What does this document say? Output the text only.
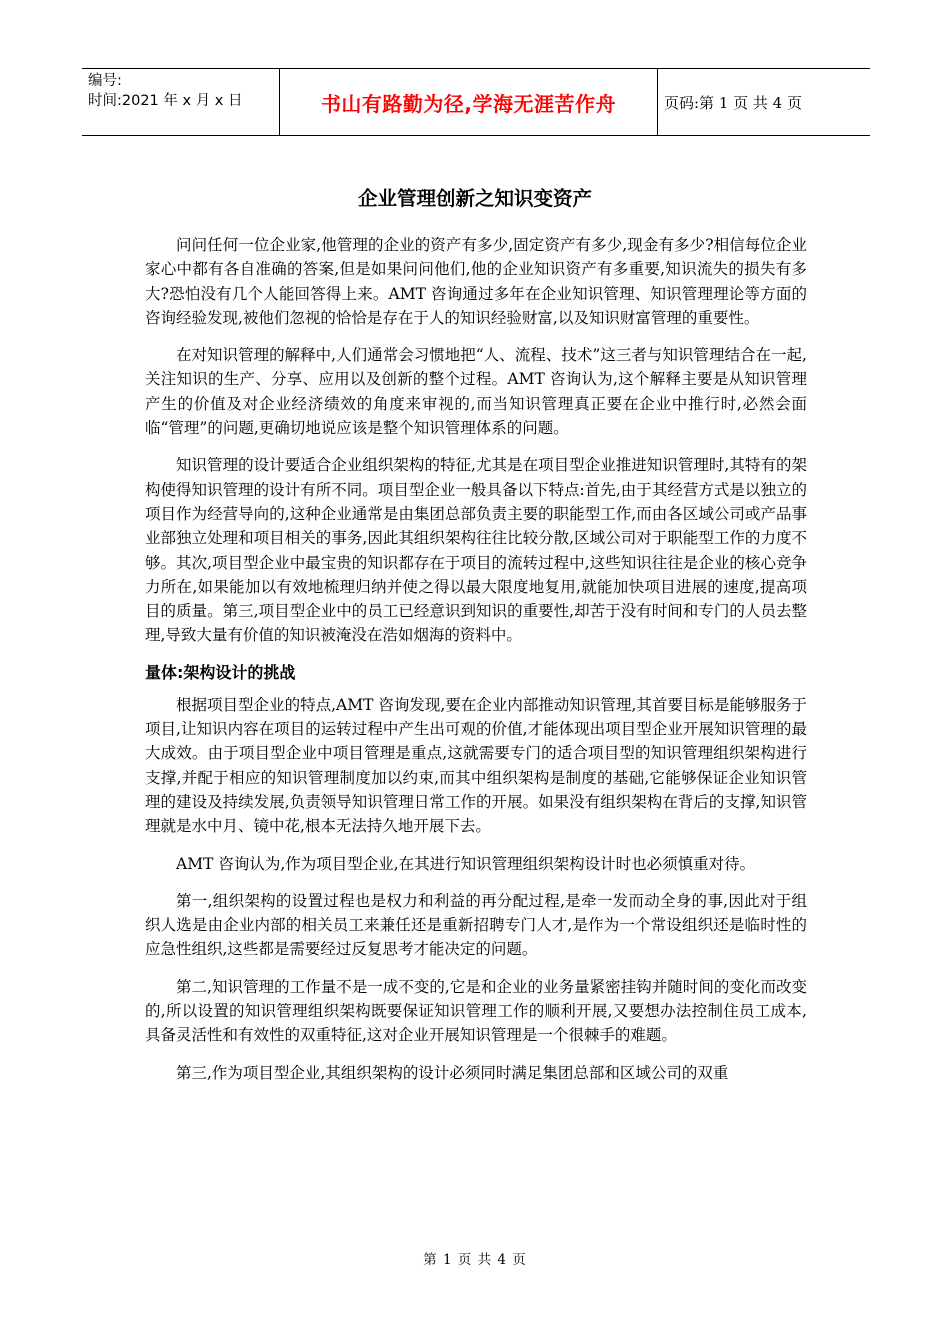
编号:
时间:2021 年 x 月 x 日	书山有路勤为径,学海无涯苦作舟	页码:第 1 页 共 4 页
企业管理创新之知识变资产

问问任何一位企业家,他管理的企业的资产有多少,固定资产有多少,现金有多少?相信每位企业家心中都有各自准确的答案,但是如果问问他们,他的企业知识资产有多重要,知识流失的损失有多大?恐怕没有几个人能回答得上来。AMT 咨询通过多年在企业知识管理、知识管理理论等方面的咨询经验发现,被他们忽视的恰恰是存在于人的知识经验财富,以及知识财富管理的重要性。

在对知识管理的解释中,人们通常会习惯地把“人、流程、技术”这三者与知识管理结合在一起,关注知识的生产、分享、应用以及创新的整个过程。AMT 咨询认为,这个解释主要是从知识管理产生的价值及对企业经济绩效的角度来审视的,而当知识管理真正要在企业中推行时,必然会面临“管理”的问题,更确切地说应该是整个知识管理体系的问题。

知识管理的设计要适合企业组织架构的特征,尤其是在项目型企业推进知识管理时,其特有的架构使得知识管理的设计有所不同。项目型企业一般具备以下特点:首先,由于其经营方式是以独立的项目作为经营导向的,这种企业通常是由集团总部负责主要的职能型工作,而由各区域公司或产品事业部独立处理和项目相关的事务,因此其组织架构往往比较分散,区域公司对于职能型工作的力度不够。其次,项目型企业中最宝贵的知识都存在于项目的流转过程中,这些知识往往是企业的核心竞争力所在,如果能加以有效地梳理归纳并使之得以最大限度地复用,就能加快项目进展的速度,提高项目的质量。第三,项目型企业中的员工已经意识到知识的重要性,却苦于没有时间和专门的人员去整理,导致大量有价值的知识被淹没在浩如烟海的资料中。

量体:架构设计的挑战

根据项目型企业的特点,AMT 咨询发现,要在企业内部推动知识管理,其首要目标是能够服务于项目,让知识内容在项目的运转过程中产生出可观的价值,才能体现出项目型企业开展知识管理的最大成效。由于项目型企业中项目管理是重点,这就需要专门的适合项目型的知识管理组织架构进行支撑,并配于相应的知识管理制度加以约束,而其中组织架构是制度的基础,它能够保证企业知识管理的建设及持续发展,负责领导知识管理日常工作的开展。如果没有组织架构在背后的支撑,知识管理就是水中月、镜中花,根本无法持久地开展下去。

AMT 咨询认为,作为项目型企业,在其进行知识管理组织架构设计时也必须慎重对待。

第一,组织架构的设置过程也是权力和利益的再分配过程,是牵一发而动全身的事,因此对于组织人选是由企业内部的相关员工来兼任还是重新招聘专门人才,是作为一个常设组织还是临时性的应急性组织,这些都是需要经过反复思考才能决定的问题。

第二,知识管理的工作量不是一成不变的,它是和企业的业务量紧密挂钩并随时间的变化而改变的,所以设置的知识管理组织架构既要保证知识管理工作的顺利开展,又要想办法控制住员工成本,具备灵活性和有效性的双重特征,这对企业开展知识管理是一个很棘手的难题。

第三,作为项目型企业,其组织架构的设计必须同时满足集团总部和区域公司的双重

第 1 页 共 4 页
